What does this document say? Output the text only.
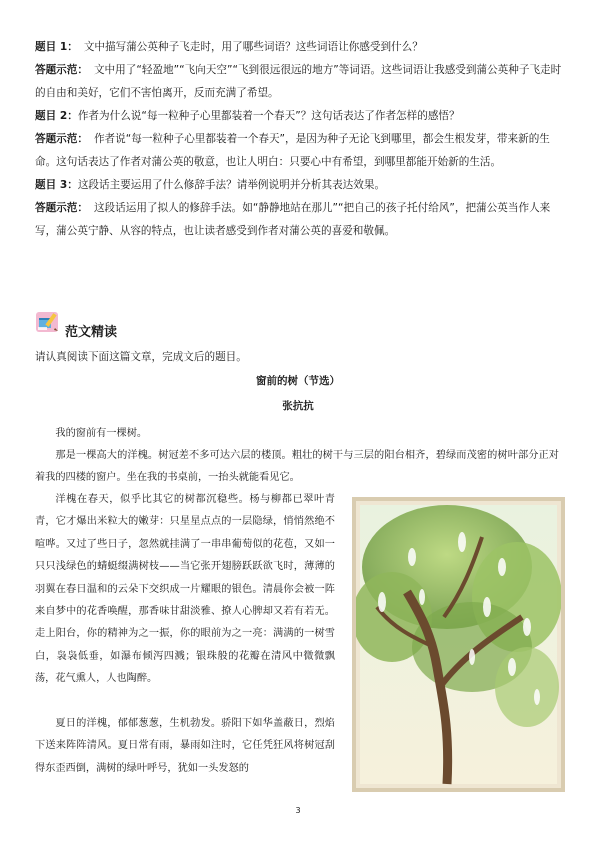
题目 1： 文中描写蒲公英种子飞走时，用了哪些词语？这些词语让你感受到什么？

答题示范： 文中用了“轻盈地”“飞向天空”“飞到很远很远的地方”等词语。这些词语让我感受到蒲公英种子飞走时的自由和美好，它们不害怕离开，反而充满了希望。

题目 2：作者为什么说“每一粒种子心里都装着一个春天”？这句话表达了作者怎样的感悟？

答题示范： 作者说“每一粒种子心里都装着一个春天”，是因为种子无论飞到哪里，都会生根发芽，带来新的生命。这句话表达了作者对蒲公英的敬意，也让人明白：只要心中有希望，到哪里都能开始新的生活。

题目 3：这段话主要运用了什么修辞手法？请举例说明并分析其表达效果。

答题示范： 这段话运用了拟人的修辞手法。如“静静地站在那儿”“把自己的孩子托付给风”，把蒲公英当作人来写，蒲公英宁静、从容的特点，也让读者感受到作者对蒲公英的喜爱和敬佩。

范文精读
请认真阅读下面这篇文章，完成文后的题目。
窗前的树（节选）
张抗抗

我的窗前有一棵树。

那是一棵高大的洋槐。树冠差不多可达六层的楼顶。粗壮的树干与三层的阳台相齐，碧绿而茂密的树叶部分正对着我的四楼的窗户。坐在我的书桌前，一抬头就能看见它。

洋槐在春天，似乎比其它的树都沉稳些。杨与柳都已翠叶青青，它才爆出米粒大的嫩芽：只星星点点的一层隐绿，悄悄然绝不喧哗。又过了些日子，忽然就挂满了一串串葡萄似的花苞，又如一只只浅绿色的蜻蜓缀满树枝——当它张开翅膀跃跃欲飞时，薄薄的羽翼在春日温和的云朵下交织成一片耀眼的银色。清晨你会被一阵来自梦中的花香唤醒，那香味甘甜淡雅、撩人心脾却又若有若无。走上阳台，你的精神为之一振，你的眼前为之一亮：满满的一树雪白，袅袅低垂，如瀑布倾泻四溅；银珠般的花瓣在清风中微微飘荡，花气熏人，人也陶醉。

夏日的洋槐，郁郁葱葱，生机勃发。骄阳下如华盖蔽日，烈焰下送来阵阵清风。夏日常有雨，暴雨如注时，它任凭狂风将树冠刮得东歪西倒，满树的绿叶呼号，犹如一头发怒的

3
